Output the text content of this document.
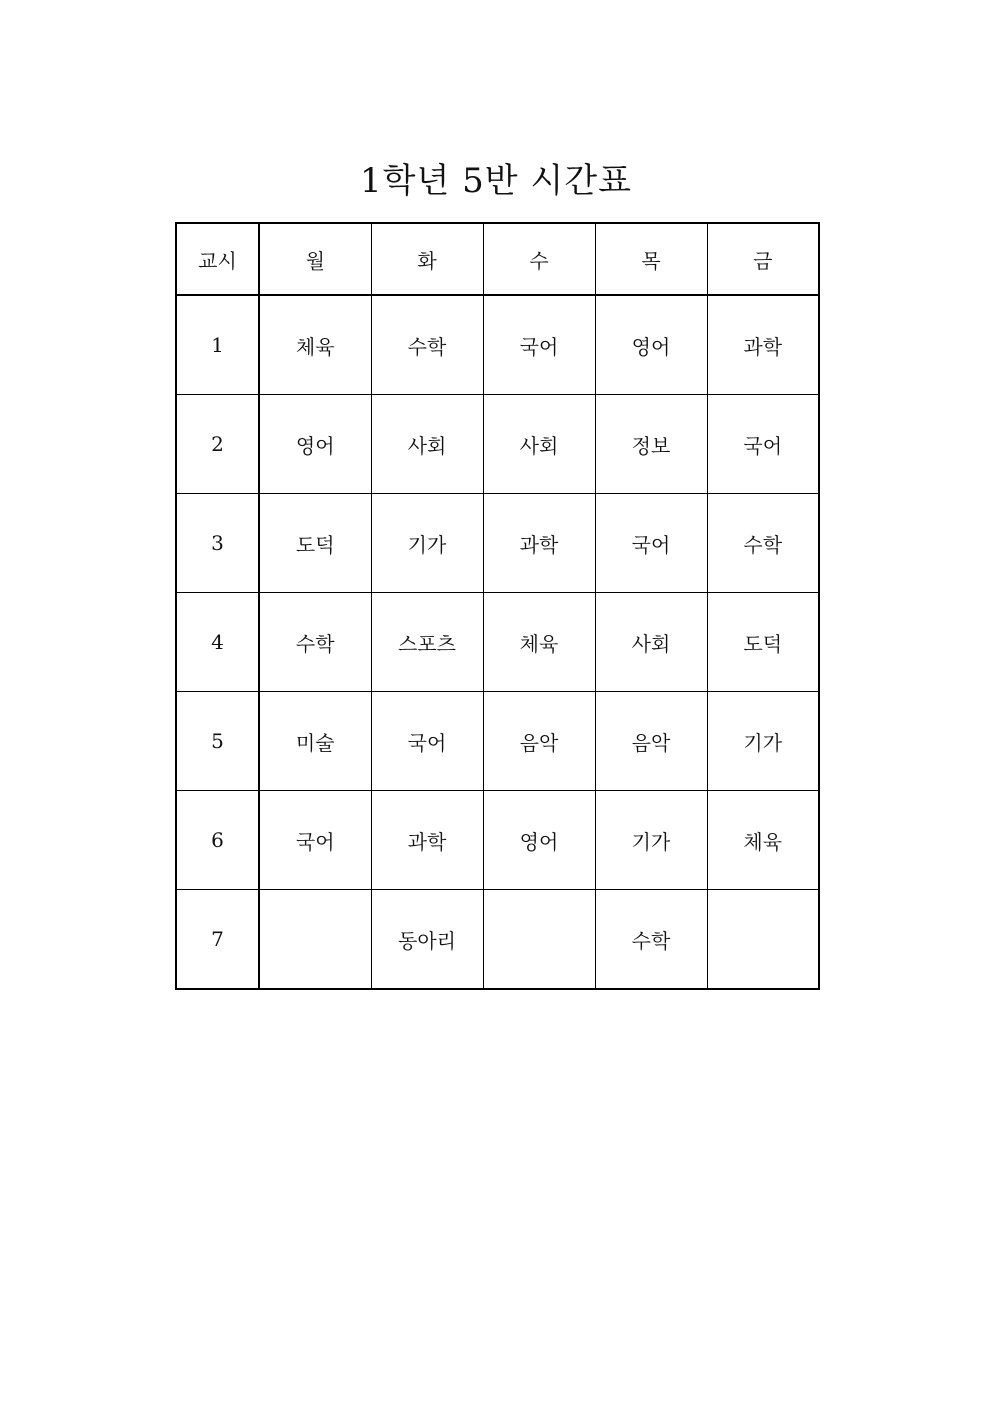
1학년 5반 시간표
교시	월	화	수	목	금
1	체육	수학	국어	영어	과학
2	영어	사회	사회	정보	국어
3	도덕	기가	과학	국어	수학
4	수학	스포츠	체육	사회	도덕
5	미술	국어	음악	음악	기가
6	국어	과학	영어	기가	체육
7		동아리		수학	
